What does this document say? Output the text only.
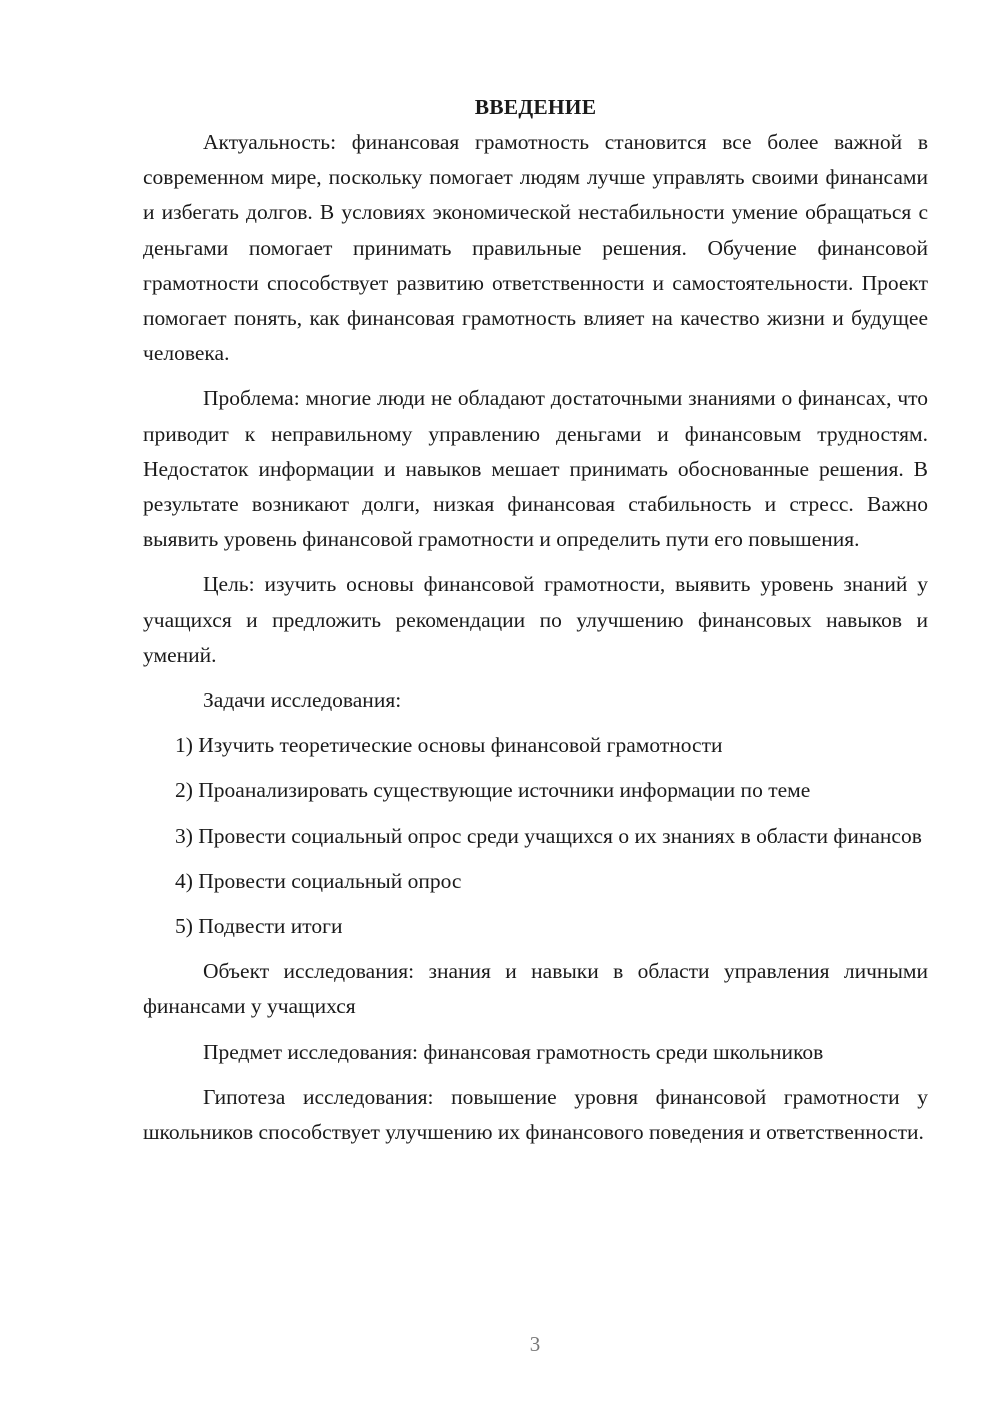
ВВЕДЕНИЕ

Актуальность: финансовая грамотность становится все более важной в современном мире, поскольку помогает людям лучше управлять своими финансами и избегать долгов. В условиях экономической нестабильности умение обращаться с деньгами помогает принимать правильные решения. Обучение финансовой грамотности способствует развитию ответственности и самостоятельности. Проект помогает понять, как финансовая грамотность влияет на качество жизни и будущее человека.

Проблема: многие люди не обладают достаточными знаниями о финансах, что приводит к неправильному управлению деньгами и финансовым трудностям. Недостаток информации и навыков мешает принимать обоснованные решения. В результате возникают долги, низкая финансовая стабильность и стресс. Важно выявить уровень финансовой грамотности и определить пути его повышения.

Цель: изучить основы финансовой грамотности, выявить уровень знаний у учащихся и предложить рекомендации по улучшению финансовых навыков и умений.

Задачи исследования:

1) Изучить теоретические основы финансовой грамотности

2) Проанализировать существующие источники информации по теме

3) Провести социальный опрос среди учащихся о их знаниях в области финансов

4) Провести социальный опрос

5) Подвести итоги

Объект исследования: знания и навыки в области управления личными финансами у учащихся

Предмет исследования: финансовая грамотность среди школьников

Гипотеза исследования: повышение уровня финансовой грамотности у школьников способствует улучшению их финансового поведения и ответственности.

3
